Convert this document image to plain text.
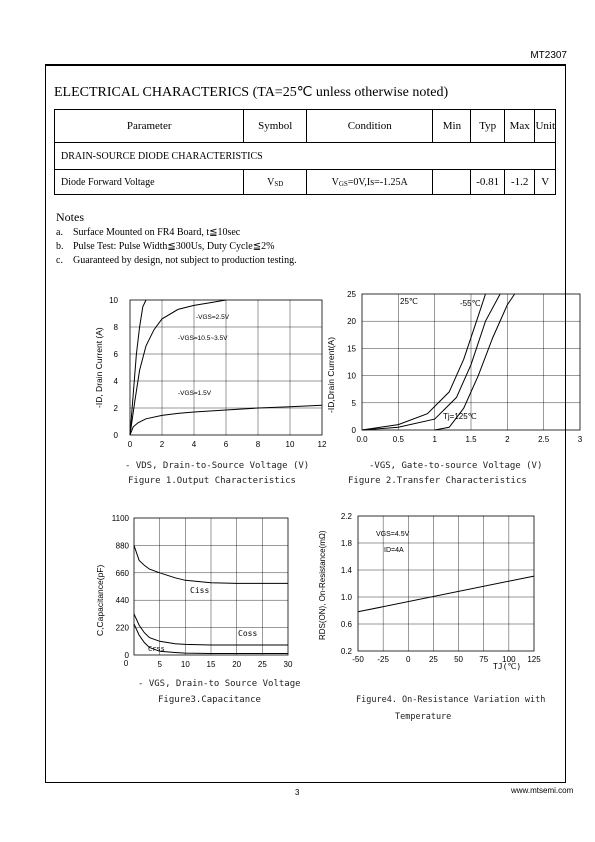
MT2307
ELECTRICAL CHARACTERICS (TA=25℃ unless otherwise noted)
Parameter	Symbol	Condition	Min	Typ	Max	Unit
DRAIN-SOURCE DIODE CHARACTERISTICS						
Diode Forward Voltage	$V_{SD}$	$V_{GS}=0V,Is=-1.25A$		-0.81	-1.2	V
Notes
a. Surface Mounted on FR4 Board, t≦10sec
b. Pulse Test: Pulse Width≦300Us, Duty Cycle≦2%
c. Guaranteed by design, not subject to production testing.
0	2	4	6	8	10	12
10
8
6
4
2
0
-VGS=2.5V
-VGS=10.5~3.5V
-VGS=1.5V
-ID, Drain Current (A)
- VDS, Drain-to-Source Voltage (V)
Figure 1.Output Characteristics
0.0	0.5	1	1.5	2	2.5	3
25
20
15
10
5
0
25℃	-55℃
Tj=125℃
-ID,Drain Current(A)
-VGS, Gate-to-source Voltage (V)
Figure 2.Transfer Characteristics
5 10 15 20 25 30
1100
880
660
440
220
0
0
Ciss
Coss
Crss
C,Capacitance(pF)
- VGS, Drain-to Source Voltage
Figure3.Capacitance
-50 -25 0 25 50 75 100 125
2.2
1.8
1.4
1.0
0.6
0.2
VGS=4.5V
ID=4A
TJ(℃)
RDS(ON), On-Resistance(mΩ)
Figure4. On-Resistance Variation with
Temperature
3	www.mtsemi.com
